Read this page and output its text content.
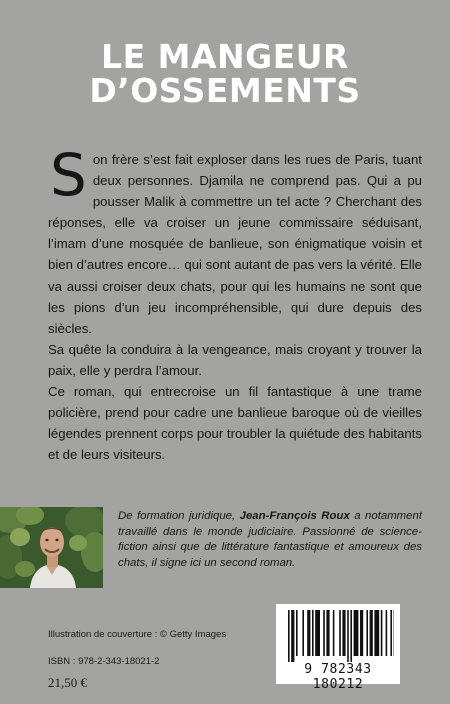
LE MANGEUR
D’OSSEMENTS

Son frère s’est fait exploser dans les rues de Paris, tuant deux personnes. Djamila ne comprend pas. Qui a pu pousser Malik à commettre un tel acte ? Cherchant des réponses, elle va croiser un jeune commissaire séduisant, l’imam d’une mosquée de banlieue, son énigmatique voisin et bien d’autres encore… qui sont autant de pas vers la vérité. Elle va aussi croiser deux chats, pour qui les humains ne sont que les pions d’un jeu incompréhensible, qui dure depuis des siècles.

Sa quête la conduira à la vengeance, mais croyant y trouver la paix, elle y perdra l’amour.

Ce roman, qui entrecroise un fil fantastique à une trame policière, prend pour cadre une banlieue baroque où de vieilles légendes prennent corps pour troubler la quiétude des habitants et de leurs visiteurs.

De formation juridique, Jean-François Roux a notamment travaillé dans le monde judiciaire. Passionné de science-fiction ainsi que de littérature fantastique et amoureux des chats, il signe ici un second roman.

Illustration de couverture : © Getty Images
ISBN : 978-2-343-18021-2
21,50 €
9 782343 180212
